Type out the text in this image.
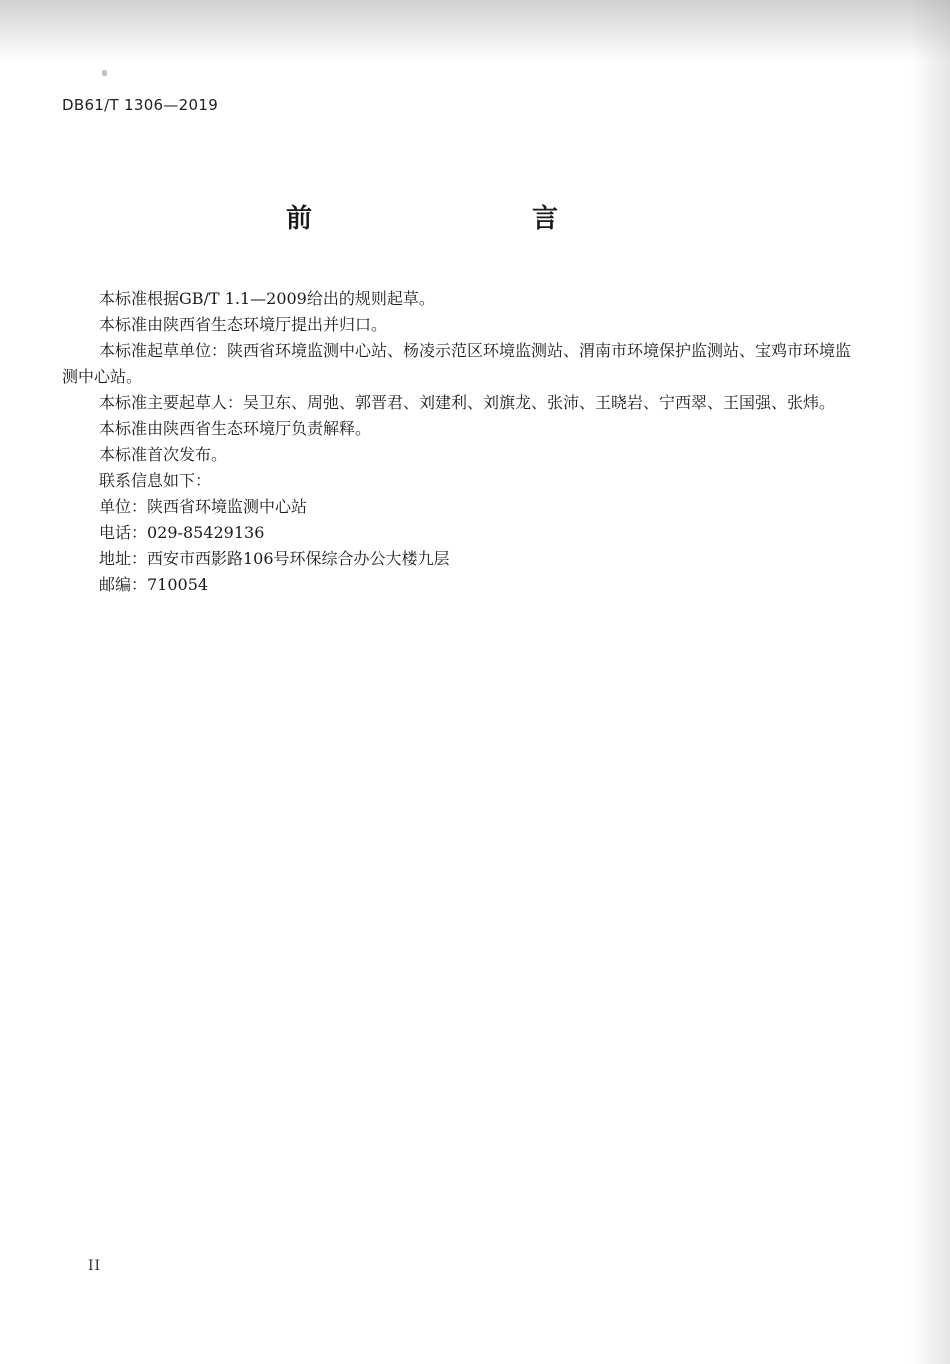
DB61/T 1306—2019
前　　言

本标准根据GB/T 1.1—2009给出的规则起草。

本标准由陕西省生态环境厅提出并归口。

本标准起草单位：陕西省环境监测中心站、杨凌示范区环境监测站、渭南市环境保护监测站、宝鸡市环境监测中心站。

本标准主要起草人：吴卫东、周弛、郭晋君、刘建利、刘旗龙、张沛、王晓岩、宁西翠、王国强、张炜。

本标准由陕西省生态环境厅负责解释。

本标准首次发布。

联系信息如下：

单位：陕西省环境监测中心站

电话：029-85429136

地址：西安市西影路106号环保综合办公大楼九层

邮编：710054

II
